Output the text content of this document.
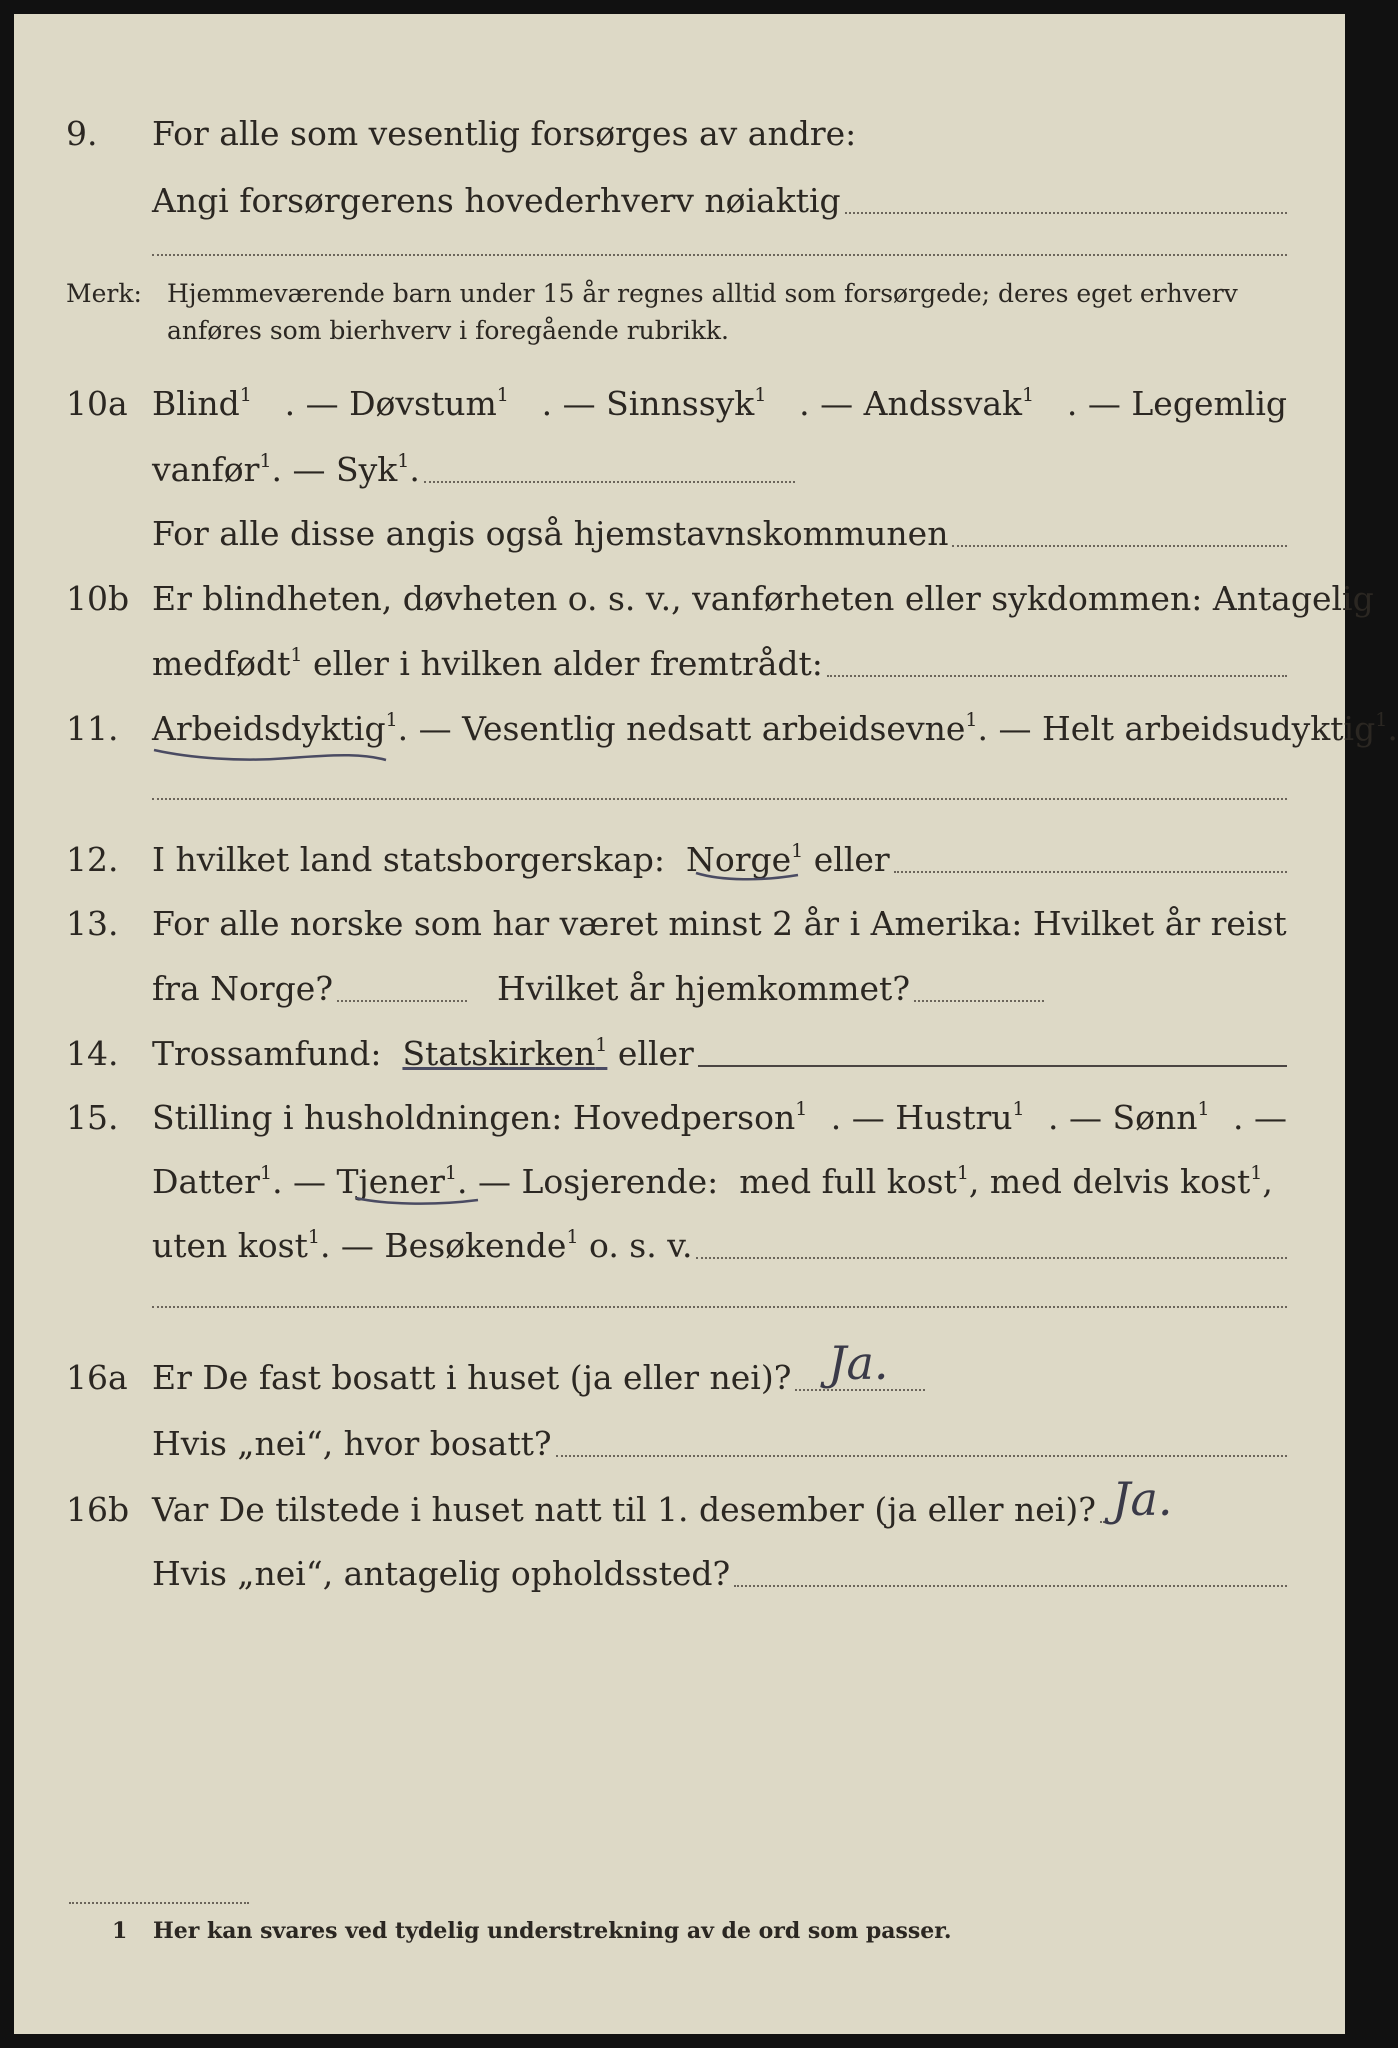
9. For alle som vesentlig forsørges av andre:
Angi forsørgerens hovederhverv nøiaktig
Merk: Hjemmeværende barn under 15 år regnes alltid som forsørgede; deres eget erhverv
anføres som bierhverv i foregående rubrikk.
10a Blind$^1$ . — Døvstum$^1$ . — Sinnssyk$^1$ . — Andssvak$^1$ . — Legemlig
vanfør$^1$. — Syk$^1$.
For alle disse angis også hjemstavnskommunen
10b Er blindheten, døvheten o. s. v., vanførheten eller sykdommen: Antagelig
medfødt$^1$ eller i hvilken alder fremtrådt:
11. Arbeidsdyktig$^1$ . — Vesentlig nedsatt arbeidsevne$^1$ . — Helt arbeidsudyktig$^1$.
12. I hvilket land statsborgerskap: Norge$^1$ eller
13. For alle norske som har været minst 2 år i Amerika: Hvilket år reist
fra Norge?	Hvilket år hjemkommet?
14. Trossamfund: Statskirken$^1$ eller
15. Stilling i husholdningen: Hovedperson$^1$ . — Hustru$^1$ . — Sønn$^1$ . —
Datter$^1$ . — Tjener$^1$ . — Losjerende:  med full kost$^1$, med delvis kost$^1$,
uten kost$^1$ . — Besøkende$^1$ o. s. v.
16a Er De fast bosatt i huset (ja eller nei)?
Hvis „nei“, hvor bosatt?
Ja.
16b Var De tilstede i huset natt til 1. desember (ja eller nei)?
Hvis „nei“, antagelig opholdssted?
Ja.
1 Her kan svares ved tydelig understrekning av de ord som passer.
